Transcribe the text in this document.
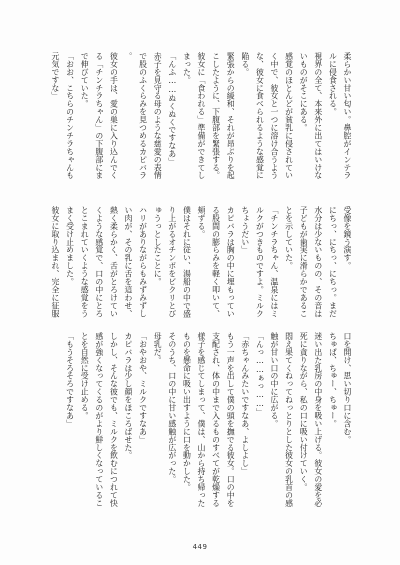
柔らかい甘い匂い。鼻腔がインテラ
ルに侵食される。
視界の全て、本来外に出てはいけな
いものがそこにある。
感覚のほとんどが貧乳に侵されてい
く中で、彼女と一つに溶け合うよう
な、彼女に食べられるような感覚に
陥る。
緊張からの緩和、それが昂ぶりを起
こしたように、下腹部を緊張する。
彼女に「食われる」準備ができてし
まった。
「んふ……ぬくぬくですなあ」
赤子を見守る母のような慈愛の表情
で股のふくらみを見つめるカピバラ
。
彼女の手は、愛の巣に入り込んでく
る「チンチラちゃん」の下腹部にま
で伸びていた。
「おお、こちらのチンチラちゃんも
元気ですな」
受像を鏡う演す。
にちっ、にちっ、にちっ。まだ
水分は少ないものの、その音は
子どもが歯実に滑らかであるこ
とを示していた。
「チンチラちゃん、温泉にはミ
ルクがつきものですよ。ミルク
ちょうだい」
カピバラは胸の中に埋もってい
る股間の膨らみを軽く叩いて、
頬ずる。
僕はそれに従い、湯船の中で盛
り上がるオチンポをビクリとび
ゅうっとしたことに。
ハリがありながらもみずみずし
い肉が、その乳に舌を這わせ、
熱く柔らかく、舌がとろけてい
くような感覚で、口の中にとろ
とこまれていくような感覚をう
まく受け止めました。
彼女に取り込まれ、完全に征服
口を開け、思い切り口に含む。
ちゅぱ、ちゅー、ちゅー。
迷い出た乳房の中身を吸い上げる。彼女の愛を必
死に貪りながら、私の口に吸い付けていく。
悶え果てくねってねっとりとした彼女の乳首の感
触が甘い口の中に広がる。
「んっ……ぁっ……」
「赤ちゃんみたいですなあ、よしよし」
もう一声を出して僕の頭を撫でる彼女。口の中を
支配され、体の中まで入るものすべてが乾燥する
様子を感じてしまって、僕は、山から持ち帰った
ものを懸命に吸い出すように口を動かした。
そのうち、口の中に甘い感触が広がった。
母乳だ。
「おやおや、ミルクですなあ」
カピバラは少し顔をほころばせた。
しかし、そんな彼でも、ミルクを飲むにつれて快
感が強くなってくるのがより鮮しくなっているこ
とを自然に受け止める。
「もうそろそろですなあ」
449
